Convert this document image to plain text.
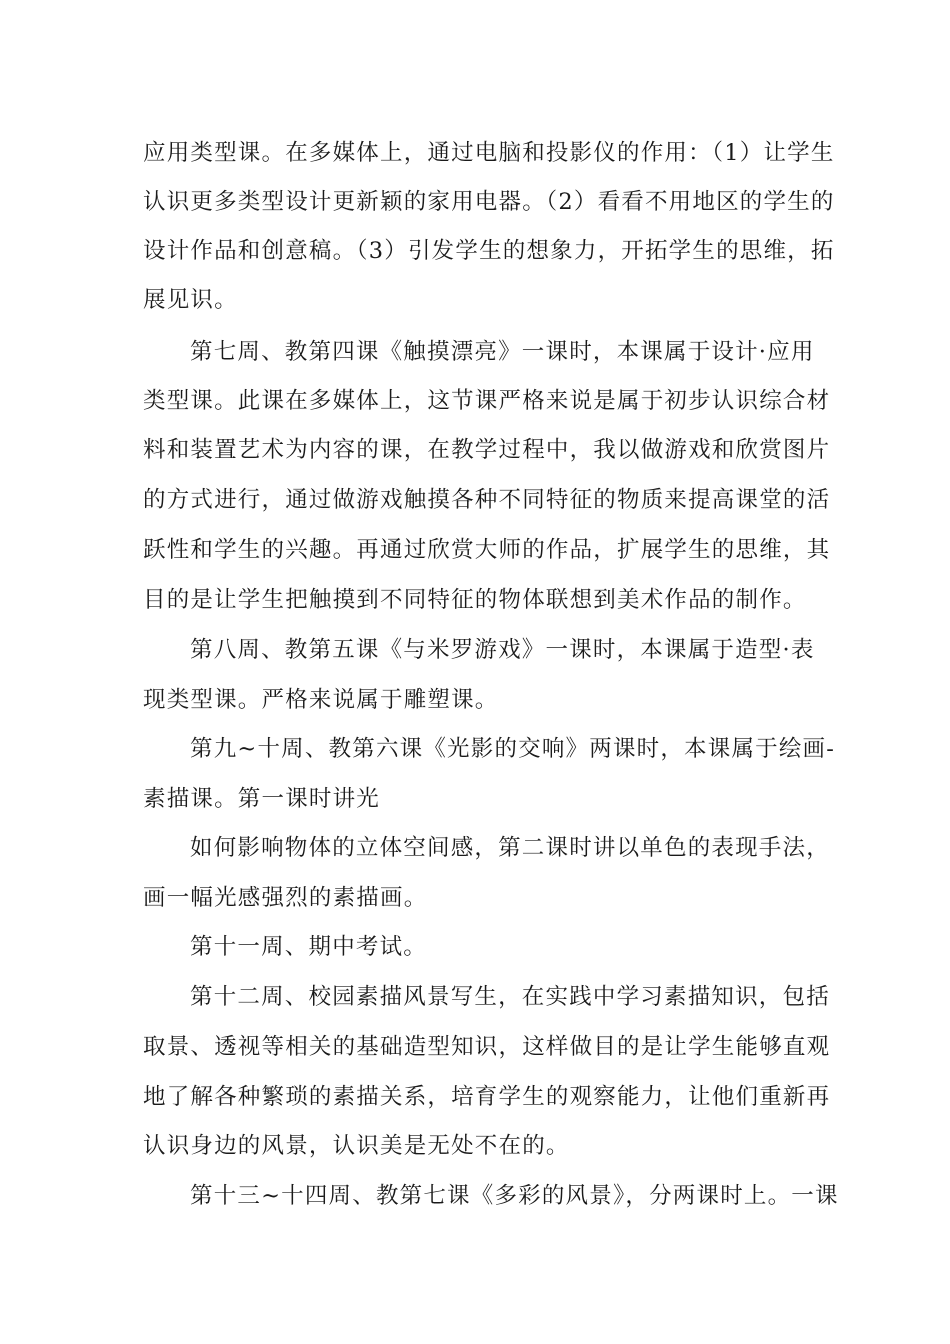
应用类型课。在多媒体上，通过电脑和投影仪的作用：（1）让学生
认识更多类型设计更新颖的家用电器。（2）看看不用地区的学生的
设计作品和创意稿。（3）引发学生的想象力，开拓学生的思维，拓
展见识。
第七周、教第四课《触摸漂亮》一课时，本课属于设计·应用
类型课。此课在多媒体上，这节课严格来说是属于初步认识综合材
料和装置艺术为内容的课，在教学过程中，我以做游戏和欣赏图片
的方式进行，通过做游戏触摸各种不同特征的物质来提高课堂的活
跃性和学生的兴趣。再通过欣赏大师的作品，扩展学生的思维，其
目的是让学生把触摸到不同特征的物体联想到美术作品的制作。
第八周、教第五课《与米罗游戏》一课时，本课属于造型·表
现类型课。严格来说属于雕塑课。
第九~十周、教第六课《光影的交响》两课时，本课属于绘画-
素描课。第一课时讲光
如何影响物体的立体空间感，第二课时讲以单色的表现手法，
画一幅光感强烈的素描画。
第十一周、期中考试。
第十二周、校园素描风景写生，在实践中学习素描知识，包括
取景、透视等相关的基础造型知识，这样做目的是让学生能够直观
地了解各种繁琐的素描关系，培育学生的观察能力，让他们重新再
认识身边的风景，认识美是无处不在的。
第十三~十四周、教第七课《多彩的风景》，分两课时上。一课
